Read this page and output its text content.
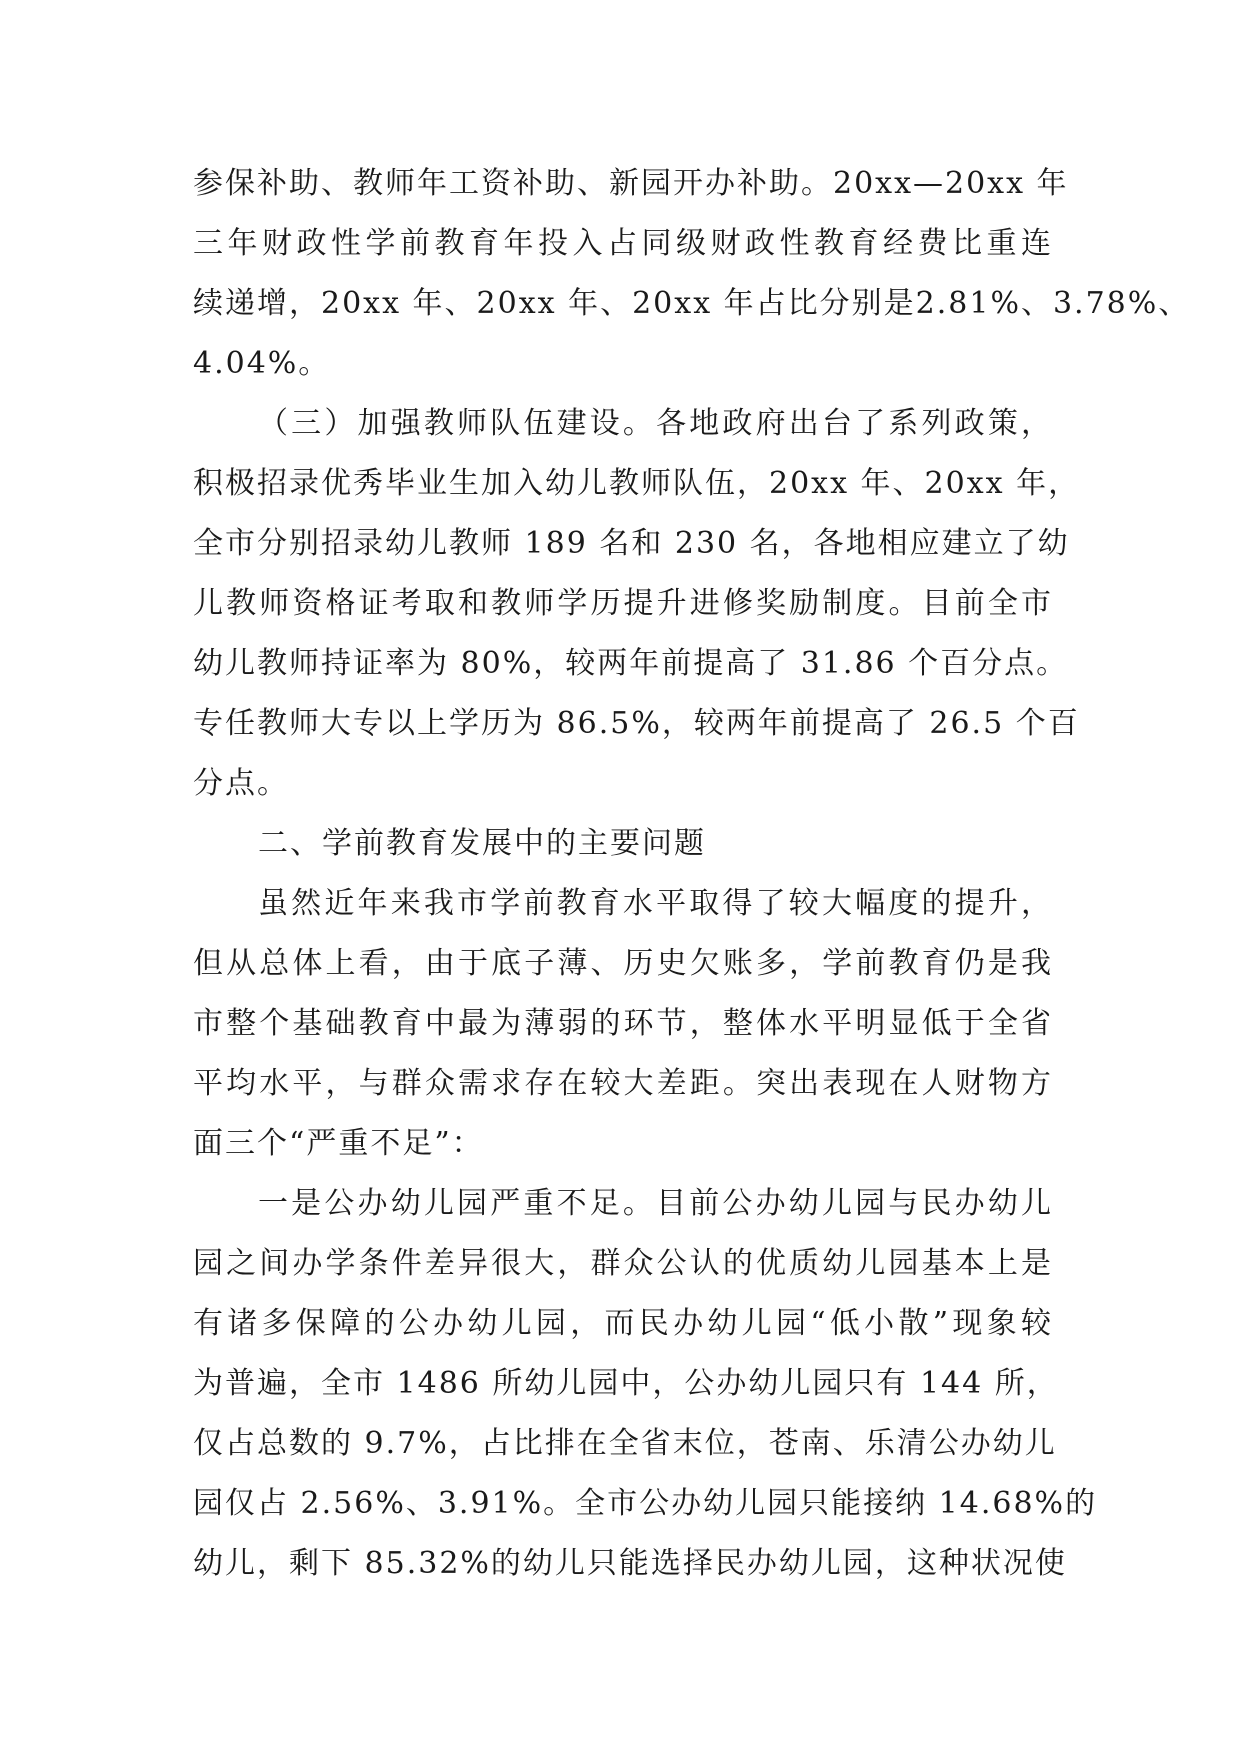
参保补助、教师年工资补助、新园开办补助。20xx—20xx 年
三年财政性学前教育年投入占同级财政性教育经费比重连
续递增，20xx 年、20xx 年、20xx 年占比分别是2.81%、3.78%、
4.04%。
（三）加强教师队伍建设。各地政府出台了系列政策，
积极招录优秀毕业生加入幼儿教师队伍，20xx 年、20xx 年，
全市分别招录幼儿教师 189 名和 230 名，各地相应建立了幼
儿教师资格证考取和教师学历提升进修奖励制度。目前全市
幼儿教师持证率为 80%，较两年前提高了 31.86 个百分点。
专任教师大专以上学历为 86.5%，较两年前提高了 26.5 个百
分点。
二、学前教育发展中的主要问题
虽然近年来我市学前教育水平取得了较大幅度的提升，
但从总体上看，由于底子薄、历史欠账多，学前教育仍是我
市整个基础教育中最为薄弱的环节，整体水平明显低于全省
平均水平，与群众需求存在较大差距。突出表现在人财物方
面三个“严重不足”：
一是公办幼儿园严重不足。目前公办幼儿园与民办幼儿
园之间办学条件差异很大，群众公认的优质幼儿园基本上是
有诸多保障的公办幼儿园，而民办幼儿园“低小散”现象较
为普遍，全市 1486 所幼儿园中，公办幼儿园只有 144 所，
仅占总数的 9.7%，占比排在全省末位，苍南、乐清公办幼儿
园仅占 2.56%、3.91%。全市公办幼儿园只能接纳 14.68%的
幼儿，剩下 85.32%的幼儿只能选择民办幼儿园，这种状况使
